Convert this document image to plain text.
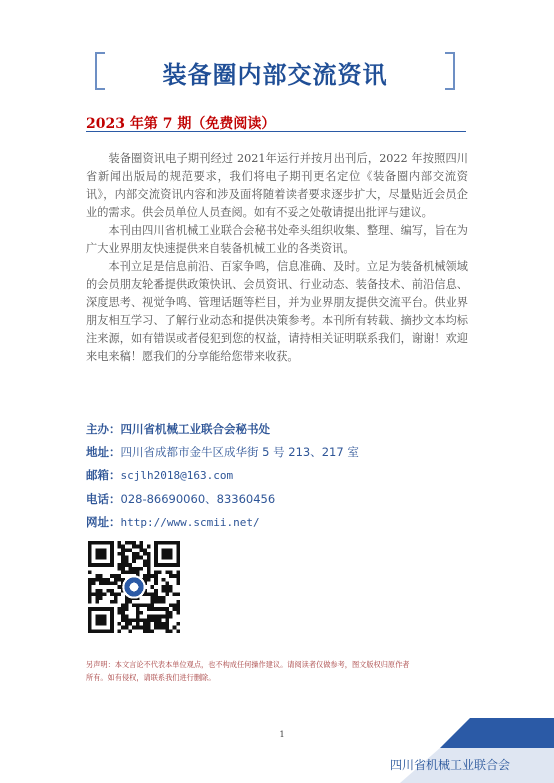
装备圈内部交流资讯
2023 年第 7 期（免费阅读）

装备圈资讯电子期刊经过 2021年运行并按月出刊后，2022 年按照四川省新闻出版局的规范要求，我们将电子期刊更名定位《装备圈内部交流资讯》，内部交流资讯内容和涉及面将随着读者要求逐步扩大，尽量贴近会员企业的需求。供会员单位人员查阅。如有不妥之处敬请提出批评与建议。

本刊由四川省机械工业联合会秘书处牵头组织收集、整理、编写，旨在为广大业界朋友快速提供来自装备机械工业的各类资讯。

本刊立足是信息前沿、百家争鸣，信息准确、及时。立足为装备机械领域的会员朋友轮番提供政策快讯、会员资讯、行业动态、装备技术、前沿信息、深度思考、视觉争鸣、管理话题等栏目，并为业界朋友提供交流平台。供业界朋友相互学习、了解行业动态和提供决策参考。本刊所有转载、摘抄文本均标注来源，如有错误或者侵犯到您的权益，请持相关证明联系我们，谢谢！欢迎来电来稿！愿我们的分享能给您带来收获。

主办：四川省机械工业联合会秘书处
地址：四川省成都市金牛区成华街 5 号 213、217 室
邮箱：scjlh2018@163.com
电话：028-86690060、83360456
网址：http://www.scmii.net/
另声明：本文言论不代表本单位观点，也不构成任何操作建议。请阅读者仅做参考，图文版权归原作者
所有。如有侵权，请联系我们进行删除。
1
四川省机械工业联合会
